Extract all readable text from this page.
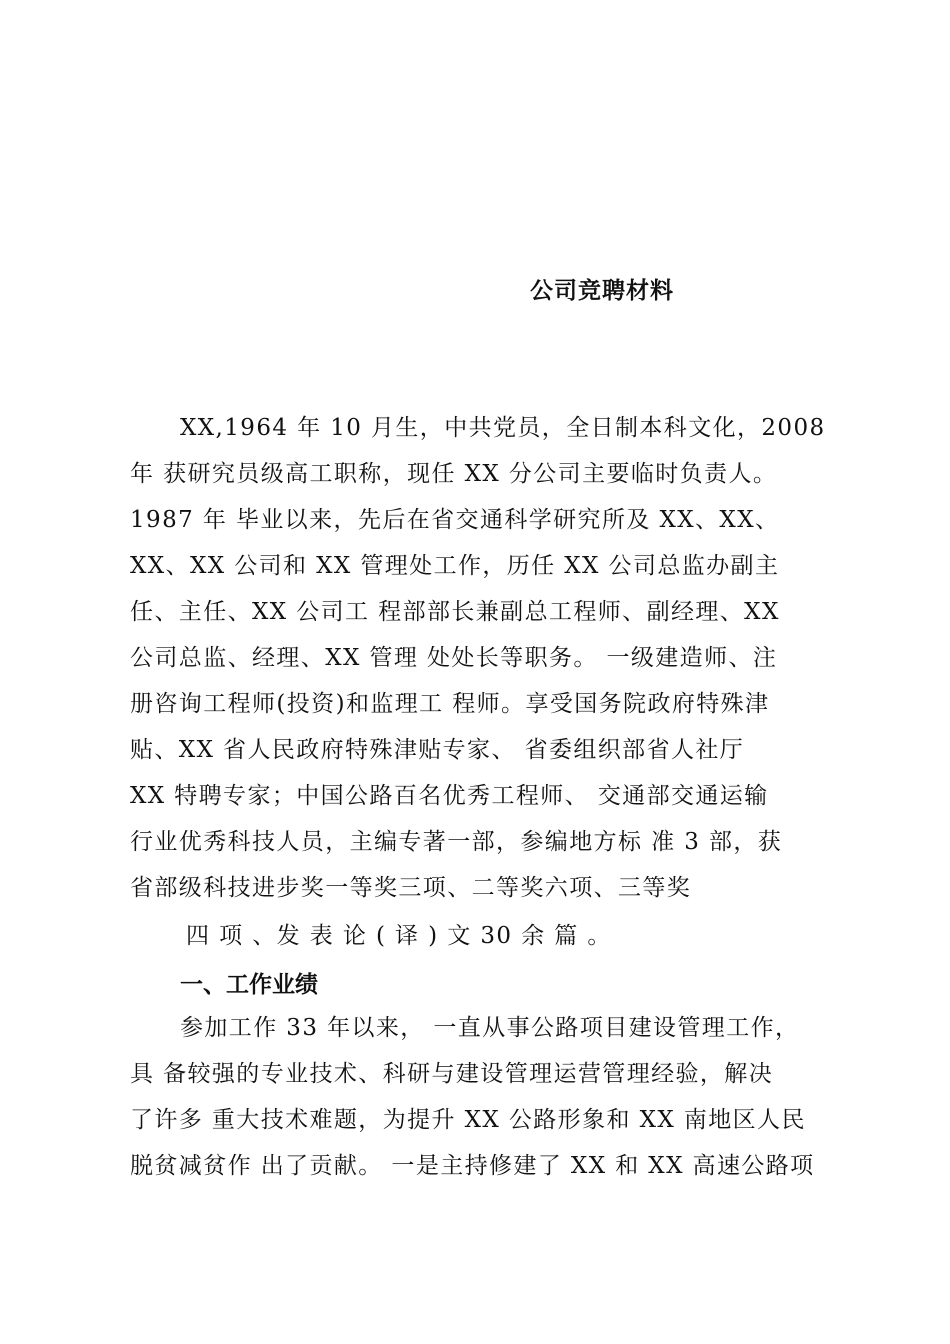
公司竞聘材料
XX,1964 年 10 月生，中共党员，全日制本科文化，2008
年 获研究员级高工职称，现任 XX 分公司主要临时负责人。
1987 年 毕业以来，先后在省交通科学研究所及 XX、XX、
XX、XX 公司和 XX 管理处工作，历任 XX 公司总监办副主
任、主任、XX 公司工 程部部长兼副总工程师、副经理、XX
公司总监、经理、XX 管理 处处长等职务。 一级建造师、注
册咨询工程师(投资)和监理工 程师。享受国务院政府特殊津
贴、XX 省人民政府特殊津贴专家、 省委组织部省人社厅
XX 特聘专家；中国公路百名优秀工程师、 交通部交通运输
行业优秀科技人员，主编专著一部，参编地方标 准 3 部，获
省部级科技进步奖一等奖三项、二等奖六项、三等奖
四 项 、发 表 论 ( 译 ) 文 30 余 篇 。
一、工作业绩
参加工作 33 年以来， 一直从事公路项目建设管理工作，
具 备较强的专业技术、科研与建设管理运营管理经验，解决
了许多 重大技术难题，为提升 XX 公路形象和 XX 南地区人民
脱贫减贫作 出了贡献。 一是主持修建了 XX 和 XX 高速公路项
